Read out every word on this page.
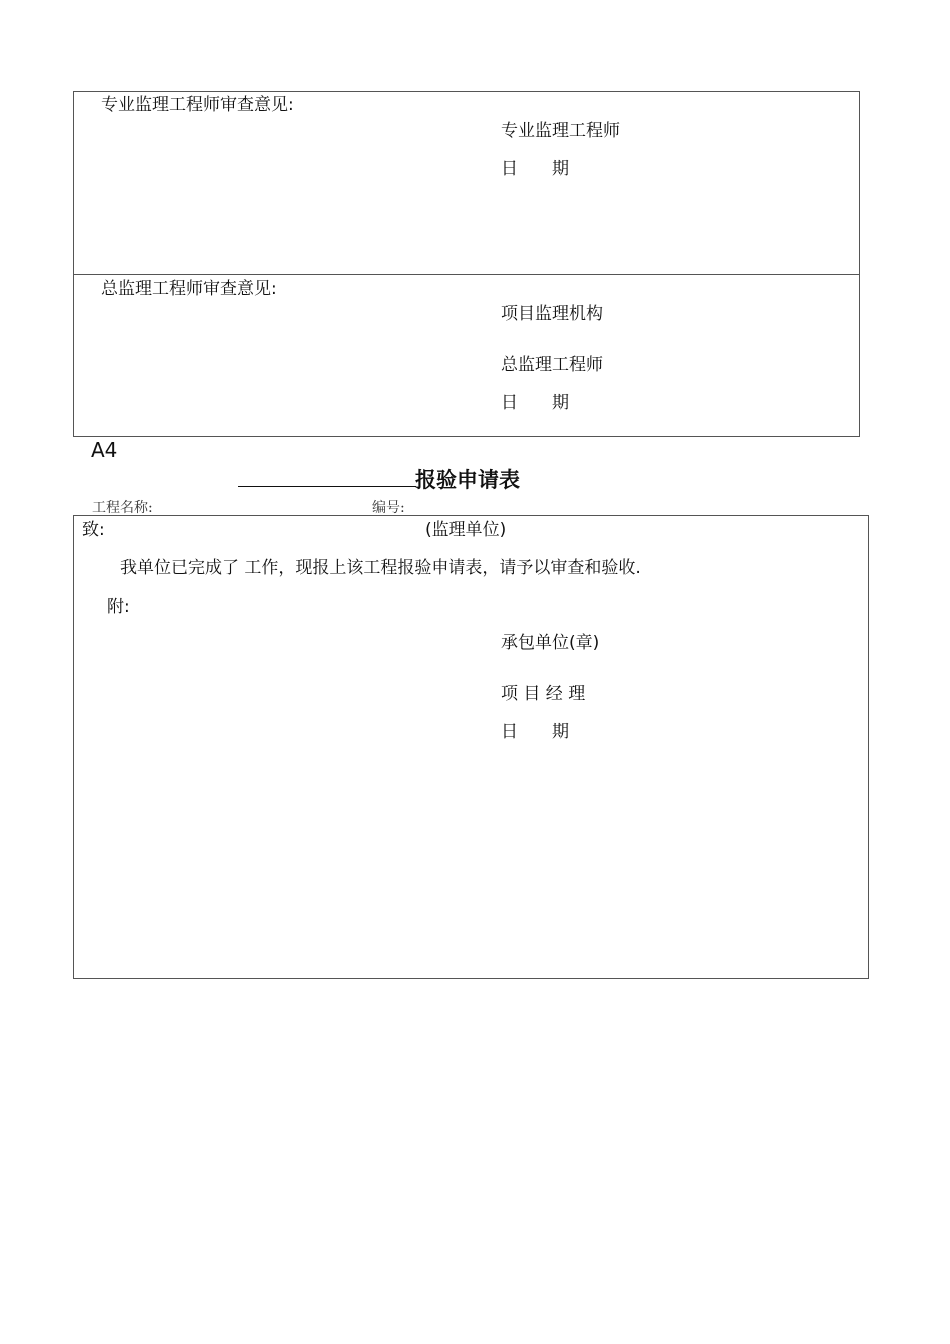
专业监理工程师审查意见:
专业监理工程师
日　　期
总监理工程师审查意见:
项目监理机构
总监理工程师
日　　期
A4
报验申请表
工程名称:	编号:
致:	(监理单位)
我单位已完成了 工作，现报上该工程报验申请表，请予以审查和验收.
附:
承包单位(章)
项 目 经 理
日　　期
